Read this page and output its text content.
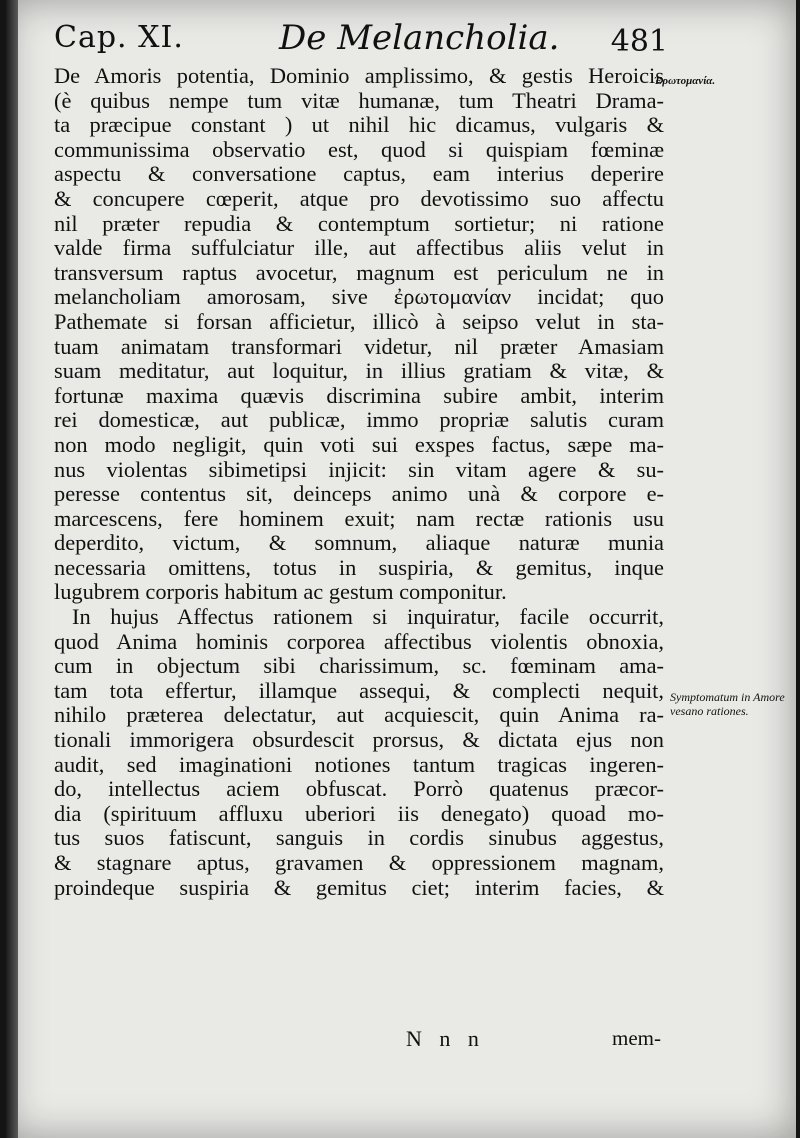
Cap. XI.	De Melancholia. 481
Ἐρωτομανία.
Symptomatum in Amore vesano rationes.
De Amoris potentia, Dominio amplissimo, & gestis Heroicis
(è quibus nempe tum vitæ humanæ, tum Theatri Drama-
ta præcipue constant ) ut nihil hic dicamus, vulgaris &
communissima observatio est, quod si quispiam fœminæ
aspectu & conversatione captus, eam interius deperire
& concupere cœperit, atque pro devotissimo suo affectu
nil præter repudia & contemptum sortietur; ni ratione
valde firma suffulciatur ille, aut affectibus aliis velut in
transversum raptus avocetur, magnum est periculum ne in
melancholiam amorosam, sive ἐρωτομανίαν incidat; quo
Pathemate si forsan afficietur, illicò à seipso velut in sta-
tuam animatam transformari videtur, nil præter Amasiam
suam meditatur, aut loquitur, in illius gratiam & vitæ, &
fortunæ maxima quævis discrimina subire ambit, interim
rei domesticæ, aut publicæ, immo propriæ salutis curam
non modo negligit, quin voti sui exspes factus, sæpe ma-
nus violentas sibimetipsi injicit: sin vitam agere & su-
peresse contentus sit, deinceps animo unà & corpore e-
marcescens, fere hominem exuit; nam rectæ rationis usu
deperdito, victum, & somnum, aliaque naturæ munia
necessaria omittens, totus in suspiria, & gemitus, inque
lugubrem corporis habitum ac gestum componitur.
In hujus Affectus rationem si inquiratur, facile occurrit,
quod Anima hominis corporea affectibus violentis obnoxia,
cum in objectum sibi charissimum, sc. fœminam ama-
tam tota effertur, illamque assequi, & complecti nequit,
nihilo præterea delectatur, aut acquiescit, quin Anima ra-
tionali immorigera obsurdescit prorsus, & dictata ejus non
audit, sed imaginationi notiones tantum tragicas ingeren-
do, intellectus aciem obfuscat. Porrò quatenus præcor-
dia (spirituum affluxu uberiori iis denegato) quoad mo-
tus suos fatiscunt, sanguis in cordis sinubus aggestus,
& stagnare aptus, gravamen & oppressionem magnam,
proindeque suspiria & gemitus ciet; interim facies, &
N n n	mem-
